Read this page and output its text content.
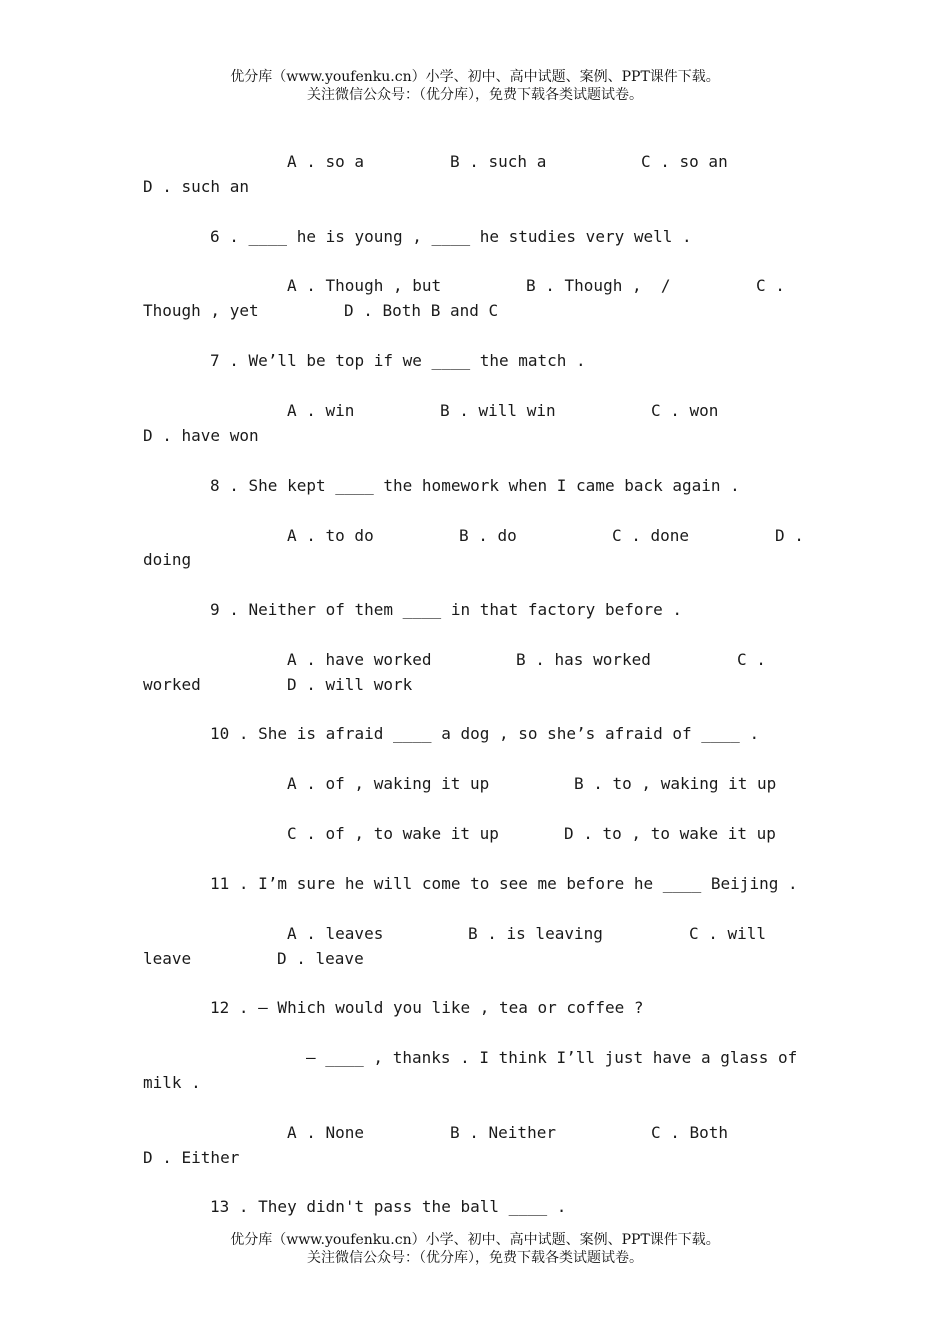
优分库（www.youfenku.cn）小学、初中、高中试题、案例、PPT课件下载。
关注微信公众号：（优分库），免费下载各类试题试卷。
A . so a	B . such a	C . so an
D . such an
6 . ____ he is young , ____ he studies very well .
A . Though , but	B . Though ,  /	C .
Though , yet	D . Both B and C
7 . We’ll be top if we ____ the match .
A . win	B . will win	C . won
D . have won
8 . She kept ____ the homework when I came back again .
A . to do	B . do	C . done	D .
doing
9 . Neither of them ____ in that factory before .
A . have worked	B . has worked	C .
worked	D . will work
10 . She is afraid ____ a dog , so she’s afraid of ____ .
A . of , waking it up	B . to , waking it up
C . of , to wake it up	D . to , to wake it up
11 . I’m sure he will come to see me before he ____ Beijing .
A . leaves	B . is leaving	C . will
leave	D . leave
12 . — Which would you like , tea or coffee ?
— ____ , thanks . I think I’ll just have a glass of
milk .
A . None	B . Neither	C . Both
D . Either
13 . They didn't pass the ball ____ .
优分库（www.youfenku.cn）小学、初中、高中试题、案例、PPT课件下载。
关注微信公众号：（优分库），免费下载各类试题试卷。
